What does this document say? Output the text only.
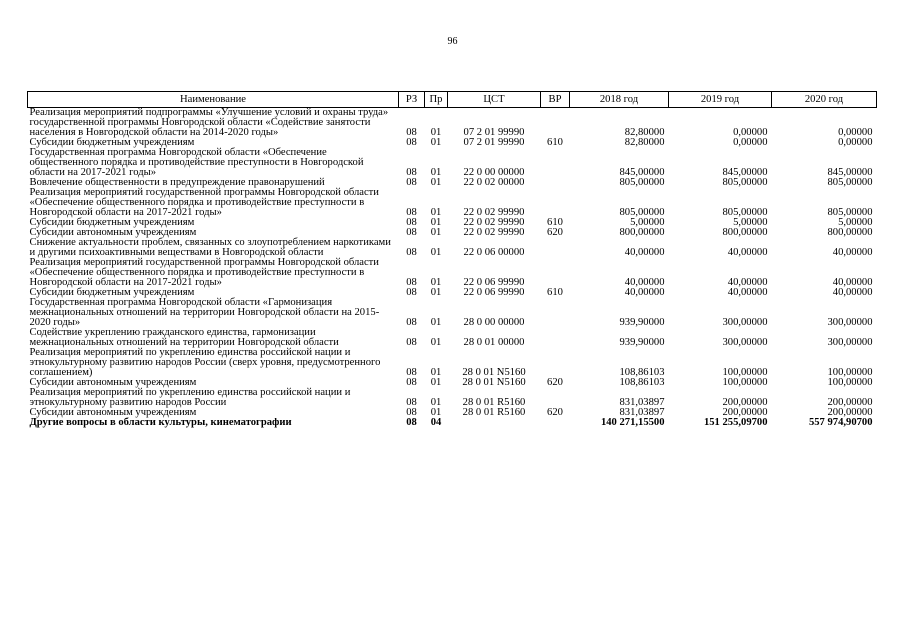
96
Наименование	РЗ	Пр	ЦСТ	ВР	2018 год	2019 год	2020 год
Реализация мероприятий подпрограммы «Улучшение условий и охраны труда» государственной программы Новгородской области «Содействие занятости населения в Новгородской области на 2014-2020 годы»	08	01	07 2 01 99990		82,80000	0,00000	0,00000
Субсидии бюджетным учреждениям	08	01	07 2 01 99990	610	82,80000	0,00000	0,00000
Государственная программа Новгородской области «Обеспечение общественного порядка и противодействие преступности в Новгородской области на 2017-2021 годы»	08	01	22 0 00 00000		845,00000	845,00000	845,00000
Вовлечение общественности в предупреждение правонарушений	08	01	22 0 02 00000		805,00000	805,00000	805,00000
Реализация мероприятий государственной программы Новгородской области «Обеспечение общественного порядка и противодействие преступности в Новгородской области на 2017-2021 годы»	08	01	22 0 02 99990		805,00000	805,00000	805,00000
Субсидии бюджетным учреждениям	08	01	22 0 02 99990	610	5,00000	5,00000	5,00000
Субсидии автономным учреждениям	08	01	22 0 02 99990	620	800,00000	800,00000	800,00000
Снижение актуальности проблем, связанных со злоупотреблением наркотиками и другими психоактивными веществами в Новгородской области	08	01	22 0 06 00000		40,00000	40,00000	40,00000
Реализация мероприятий государственной программы Новгородской области «Обеспечение общественного порядка и противодействие преступности в Новгородской области на 2017-2021 годы»	08	01	22 0 06 99990		40,00000	40,00000	40,00000
Субсидии бюджетным учреждениям	08	01	22 0 06 99990	610	40,00000	40,00000	40,00000
Государственная программа Новгородской области «Гармонизация межнациональных отношений на территории Новгородской области на 2015-2020 годы»	08	01	28 0 00 00000		939,90000	300,00000	300,00000
Содействие укреплению гражданского единства, гармонизации межнациональных отношений на территории Новгородской области	08	01	28 0 01 00000		939,90000	300,00000	300,00000
Реализация мероприятий по укреплению единства российской нации и этнокультурному развитию народов России (сверх уровня, предусмотренного соглашением)	08	01	28 0 01 N5160		108,86103	100,00000	100,00000
Субсидии автономным учреждениям	08	01	28 0 01 N5160	620	108,86103	100,00000	100,00000
Реализация мероприятий по укреплению единства российской нации и этнокультурному развитию народов России	08	01	28 0 01 R5160		831,03897	200,00000	200,00000
Субсидии автономным учреждениям	08	01	28 0 01 R5160	620	831,03897	200,00000	200,00000
Другие вопросы в области культуры, кинематографии	08	04			140 271,15500	151 255,09700	557 974,90700
